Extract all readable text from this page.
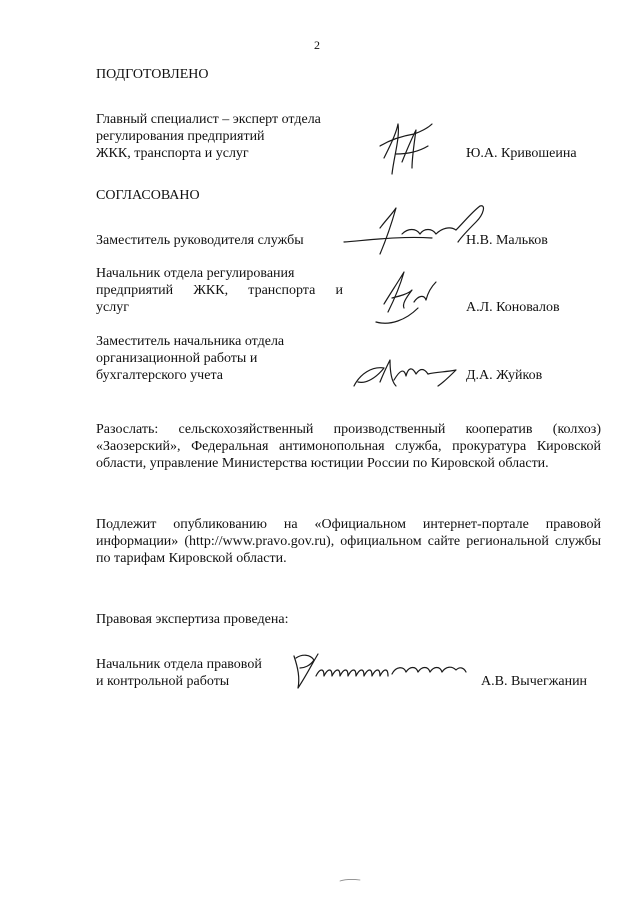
2
ПОДГОТОВЛЕНО
Главный специалист – эксперт отдела
регулирования предприятий
ЖКК, транспорта и услуг	Ю.А. Кривошеина
СОГЛАСОВАНО
Заместитель руководителя службы	Н.В. Мальков
Начальник отдела регулирования
предприятий ЖКК, транспорта и
услуг	А.Л. Коновалов
Заместитель начальника отдела
организационной работы и
бухгалтерского учета	Д.А. Жуйков
Разослать: сельскохозяйственный производственный кооператив (колхоз) «Заозерский», Федеральная антимонопольная служба, прокуратура Кировской области, управление Министерства юстиции России по Кировской области.
Подлежит опубликованию на «Официальном интернет-портале правовой информации» (http://www.pravo.gov.ru), официальном сайте региональной службы по тарифам Кировской области.
Правовая экспертиза проведена:
Начальник отдела правовой
и контрольной работы	А.В. Вычегжанин
